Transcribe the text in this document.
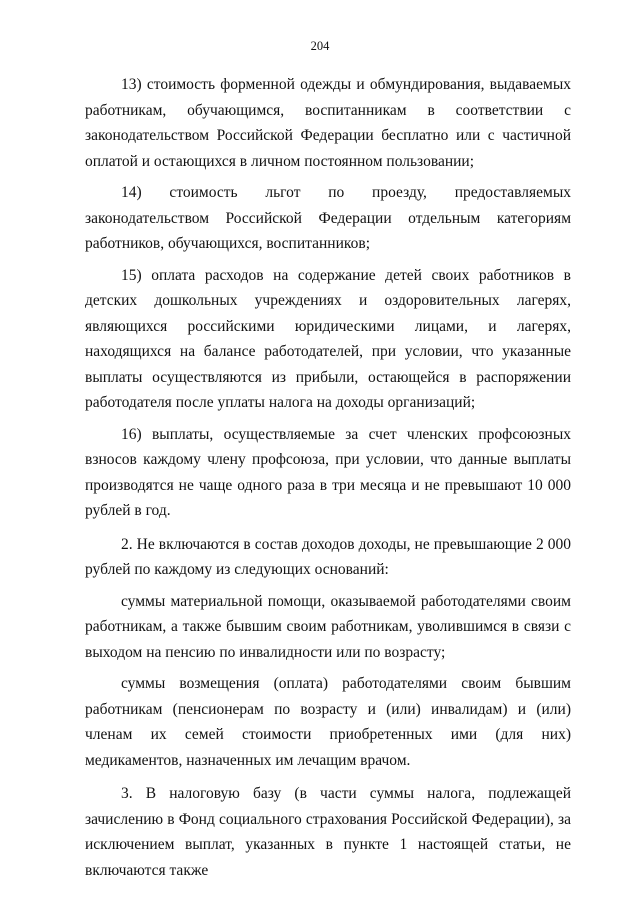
204

13) стоимость форменной одежды и обмундирования, выдаваемых работникам, обучающимся, воспитанникам в соответствии с законодательством Российской Федерации бесплатно или с частичной оплатой и остающихся в личном постоянном пользовании;

14) стоимость льгот по проезду, предоставляемых законодательством Российской Федерации отдельным категориям работников, обучающихся, воспитанников;

15) оплата расходов на содержание детей своих работников в детских дошкольных учреждениях и оздоровительных лагерях, являющихся российскими юридическими лицами, и лагерях, находящихся на балансе работодателей, при условии, что указанные выплаты осуществляются из прибыли, остающейся в распоряжении работодателя после уплаты налога на доходы организаций;

16) выплаты, осуществляемые за счет членских профсоюзных взносов каждому члену профсоюза, при условии, что данные выплаты производятся не чаще одного раза в три месяца и не превышают 10 000 рублей в год.

2. Не включаются в состав доходов доходы, не превышающие 2 000 рублей по каждому из следующих оснований:

суммы материальной помощи, оказываемой работодателями своим работникам, а также бывшим своим работникам, уволившимся в связи с выходом на пенсию по инвалидности или по возрасту;

суммы возмещения (оплата) работодателями своим бывшим работникам (пенсионерам по возрасту и (или) инвалидам) и (или) членам их семей стоимости приобретенных ими (для них) медикаментов, назначенных им лечащим врачом.

3. В налоговую базу (в части суммы налога, подлежащей зачислению в Фонд социального страхования Российской Федерации), за исключением выплат, указанных в пункте 1 настоящей статьи, не включаются также
